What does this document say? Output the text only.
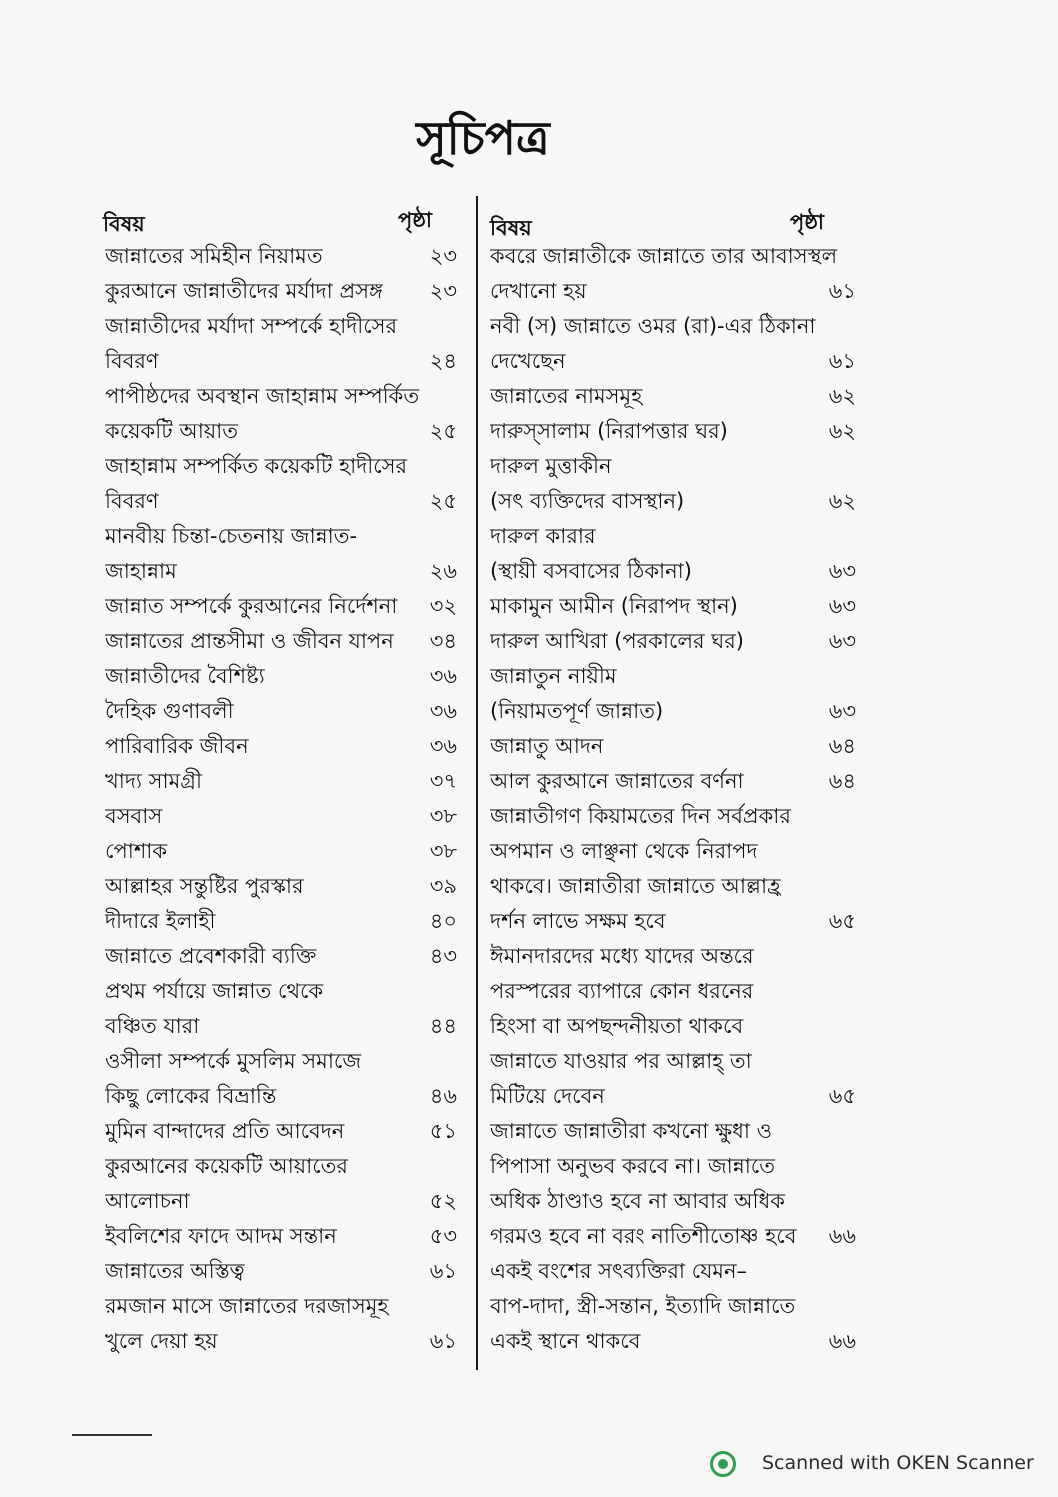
সূচিপত্র
বিষয়	পৃষ্ঠা	বিষয়	পৃষ্ঠা
জান্নাতের সমিহীন নিয়ামত	২৩
কুরআনে জান্নাতীদের মর্যাদা প্রসঙ্গ	২৩
জান্নাতীদের মর্যাদা সম্পর্কে হাদীসের
বিবরণ	২৪
পাপীষ্ঠদের অবস্থান জাহান্নাম সম্পর্কিত
কয়েকটি আয়াত	২৫
জাহান্নাম সম্পর্কিত কয়েকটি হাদীসের
বিবরণ	২৫
মানবীয় চিন্তা-চেতনায় জান্নাত-
জাহান্নাম	২৬
জান্নাত সম্পর্কে কুরআনের নির্দেশনা	৩২
জান্নাতের প্রান্তসীমা ও জীবন যাপন	৩৪
জান্নাতীদের বৈশিষ্ট্য	৩৬
দৈহিক গুণাবলী	৩৬
পারিবারিক জীবন	৩৬
খাদ্য সামগ্রী	৩৭
বসবাস	৩৮
পোশাক	৩৮
আল্লাহর সন্তুষ্টির পুরস্কার	৩৯
দীদারে ইলাহী	৪০
জান্নাতে প্রবেশকারী ব্যক্তি	৪৩
প্রথম পর্যায়ে জান্নাত থেকে
বঞ্চিত যারা	৪৪
ওসীলা সম্পর্কে মুসলিম সমাজে
কিছু লোকের বিভ্রান্তি	৪৬
মুমিন বান্দাদের প্রতি আবেদন	৫১
কুরআনের কয়েকটি আয়াতের
আলোচনা	৫২
ইবলিশের ফাদে আদম সন্তান	৫৩
জান্নাতের অস্তিত্ব	৬১
রমজান মাসে জান্নাতের দরজাসমূহ
খুলে দেয়া হয়	৬১
কবরে জান্নাতীকে জান্নাতে তার আবাসস্থল
দেখানো হয়	৬১
নবী (স) জান্নাতে ওমর (রা)-এর ঠিকানা
দেখেছেন	৬১
জান্নাতের নামসমূহ	৬২
দারুস্সালাম (নিরাপত্তার ঘর)	৬২
দারুল মুত্তাকীন
(সৎ ব্যক্তিদের বাসস্থান)	৬২
দারুল কারার
(স্থায়ী বসবাসের ঠিকানা)	৬৩
মাকামুন আমীন (নিরাপদ স্থান)	৬৩
দারুল আখিরা (পরকালের ঘর)	৬৩
জান্নাতুন নায়ীম
(নিয়ামতপূর্ণ জান্নাত)	৬৩
জান্নাতু আদন	৬৪
আল কুরআনে জান্নাতের বর্ণনা	৬৪
জান্নাতীগণ কিয়ামতের দিন সর্বপ্রকার
অপমান ও লাঞ্ছনা থেকে নিরাপদ
থাকবে। জান্নাতীরা জান্নাতে আল্লাহ্র
দর্শন লাভে সক্ষম হবে	৬৫
ঈমানদারদের মধ্যে যাদের অন্তরে
পরস্পরের ব্যাপারে কোন ধরনের
হিংসা বা অপছন্দনীয়তা থাকবে
জান্নাতে যাওয়ার পর আল্লাহ্ তা
মিটিয়ে দেবেন	৬৫
জান্নাতে জান্নাতীরা কখনো ক্ষুধা ও
পিপাসা অনুভব করবে না। জান্নাতে
অধিক ঠাণ্ডাও হবে না আবার অধিক
গরমও হবে না বরং নাতিশীতোষ্ণ হবে	৬৬
একই বংশের সৎব্যক্তিরা যেমন–
বাপ-দাদা, স্ত্রী-সন্তান, ইত্যাদি জান্নাতে
একই স্থানে থাকবে	৬৬
Scanned with OKEN Scanner
